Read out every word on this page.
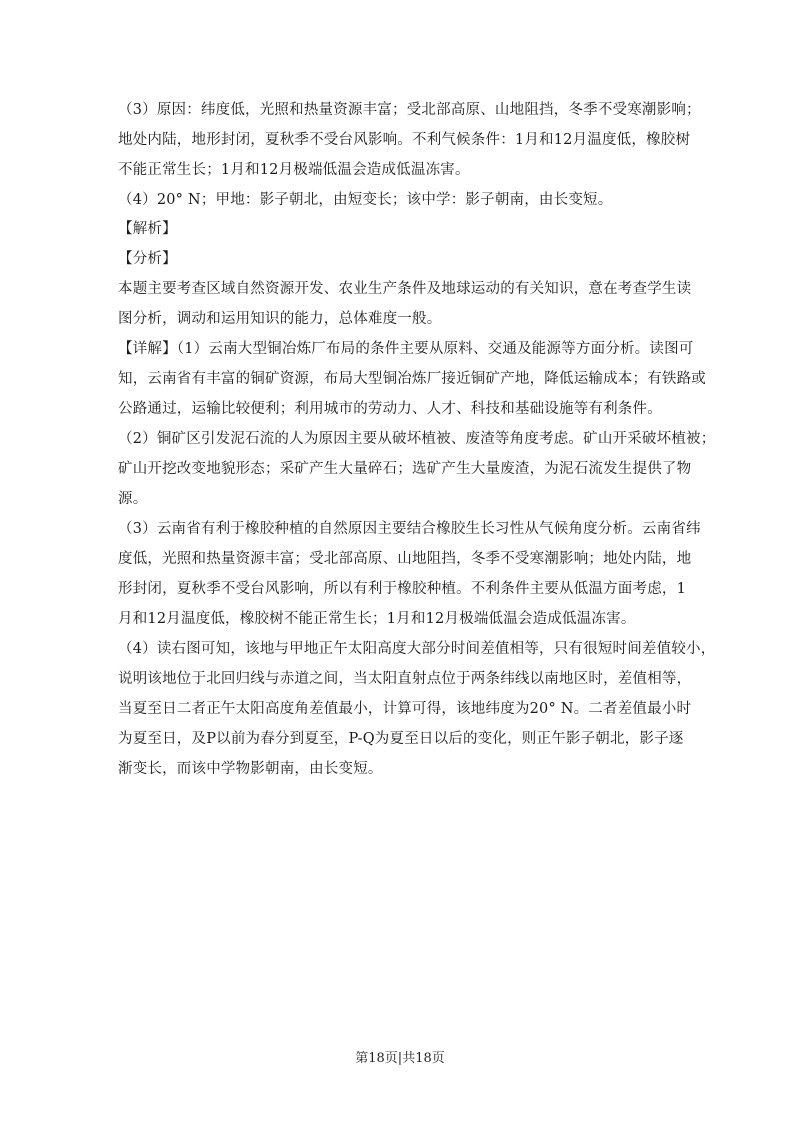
（3）原因：纬度低，光照和热量资源丰富；受北部高原、山地阻挡，冬季不受寒潮影响；
地处内陆，地形封闭，夏秋季不受台风影响。不利气候条件：1月和12月温度低，橡胶树
不能正常生长；1月和12月极端低温会造成低温冻害。
（4）20° N；甲地：影子朝北，由短变长；该中学：影子朝南，由长变短。
【解析】
【分析】
本题主要考查区域自然资源开发、农业生产条件及地球运动的有关知识，意在考查学生读
图分析，调动和运用知识的能力，总体难度一般。
【详解】（1）云南大型铜冶炼厂布局的条件主要从原料、交通及能源等方面分析。读图可
知，云南省有丰富的铜矿资源，布局大型铜冶炼厂接近铜矿产地，降低运输成本；有铁路或
公路通过，运输比较便利；利用城市的劳动力、人才、科技和基础设施等有利条件。
（2）铜矿区引发泥石流的人为原因主要从破坏植被、废渣等角度考虑。矿山开采破坏植被；
矿山开挖改变地貌形态；采矿产生大量碎石；选矿产生大量废渣，为泥石流发生提供了物
源。
（3）云南省有利于橡胶种植的自然原因主要结合橡胶生长习性从气候角度分析。云南省纬
度低，光照和热量资源丰富；受北部高原、山地阻挡，冬季不受寒潮影响；地处内陆，地
形封闭，夏秋季不受台风影响，所以有利于橡胶种植。不利条件主要从低温方面考虑，1
月和12月温度低，橡胶树不能正常生长；1月和12月极端低温会造成低温冻害。
（4）读右图可知，该地与甲地正午太阳高度大部分时间差值相等，只有很短时间差值较小，
说明该地位于北回归线与赤道之间，当太阳直射点位于两条纬线以南地区时，差值相等，
当夏至日二者正午太阳高度角差值最小，计算可得，该地纬度为20° N。二者差值最小时
为夏至日，及P以前为春分到夏至，P-Q为夏至日以后的变化，则正午影子朝北，影子逐
渐变长，而该中学物影朝南，由长变短。
第18页|共18页
